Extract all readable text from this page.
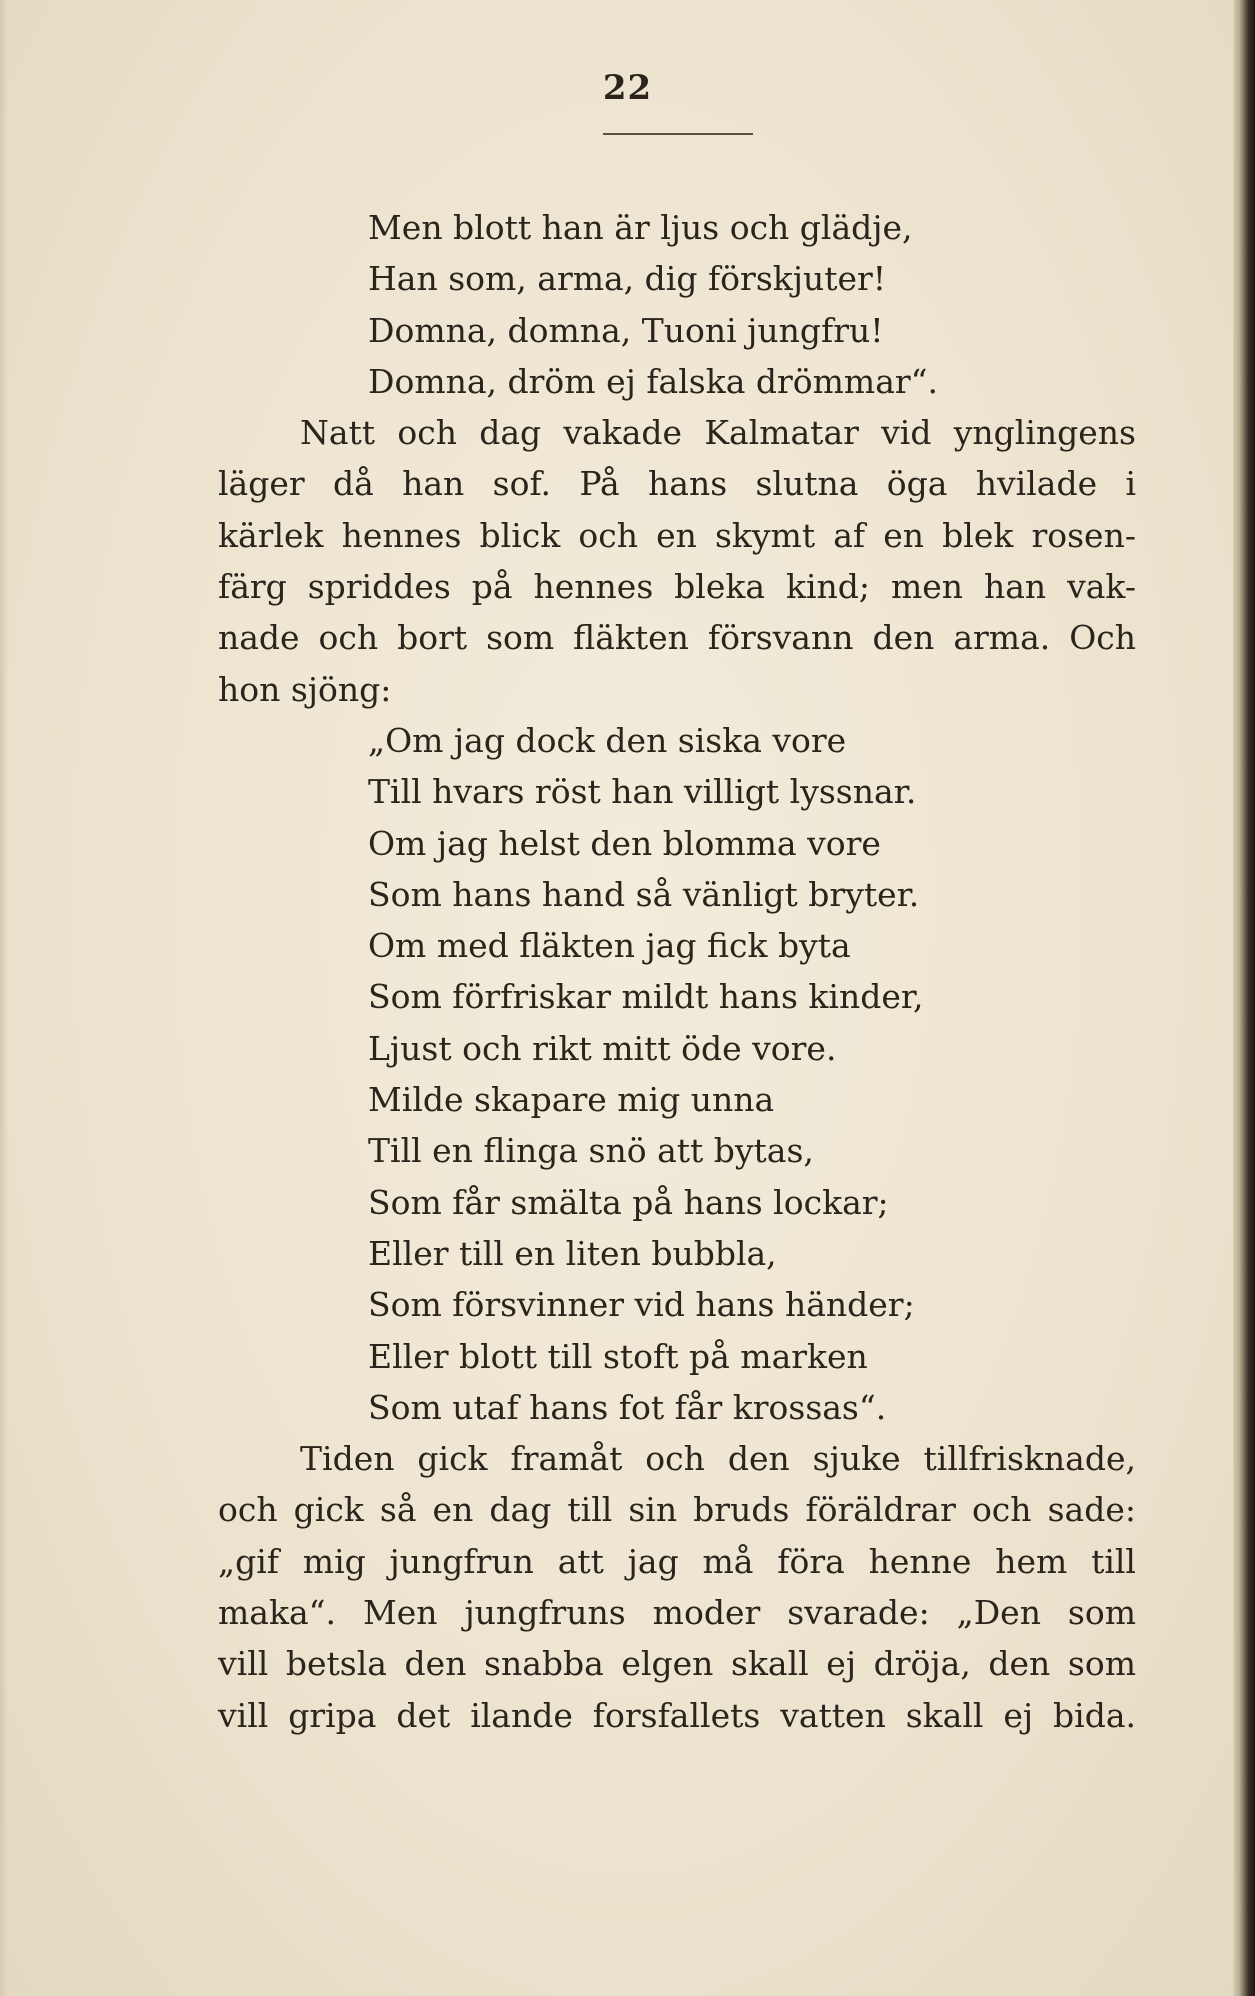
22
Men blott han är ljus och glädje,
Han som, arma, dig förskjuter!
Domna, domna, Tuoni jungfru!
Domna, dröm ej falska drömmar“.
Natt och dag vakade Kalmatar vid ynglingens
läger då han sof. På hans slutna öga hvilade i
kärlek hennes blick och en skymt af en blek rosen-
färg spriddes på hennes bleka kind; men han vak-
nade och bort som fläkten försvann den arma. Och
hon sjöng:
„Om jag dock den siska vore
Till hvars röst han villigt lyssnar.
Om jag helst den blomma vore
Som hans hand så vänligt bryter.
Om med fläkten jag fick byta
Som förfriskar mildt hans kinder,
Ljust och rikt mitt öde vore.
Milde skapare mig unna
Till en flinga snö att bytas,
Som får smälta på hans lockar;
Eller till en liten bubbla,
Som försvinner vid hans händer;
Eller blott till stoft på marken
Som utaf hans fot får krossas“.
Tiden gick framåt och den sjuke tillfrisknade,
och gick så en dag till sin bruds föräldrar och sade:
„gif mig jungfrun att jag må föra henne hem till
maka“. Men jungfruns moder svarade: „Den som
vill betsla den snabba elgen skall ej dröja, den som
vill gripa det ilande forsfallets vatten skall ej bida.
